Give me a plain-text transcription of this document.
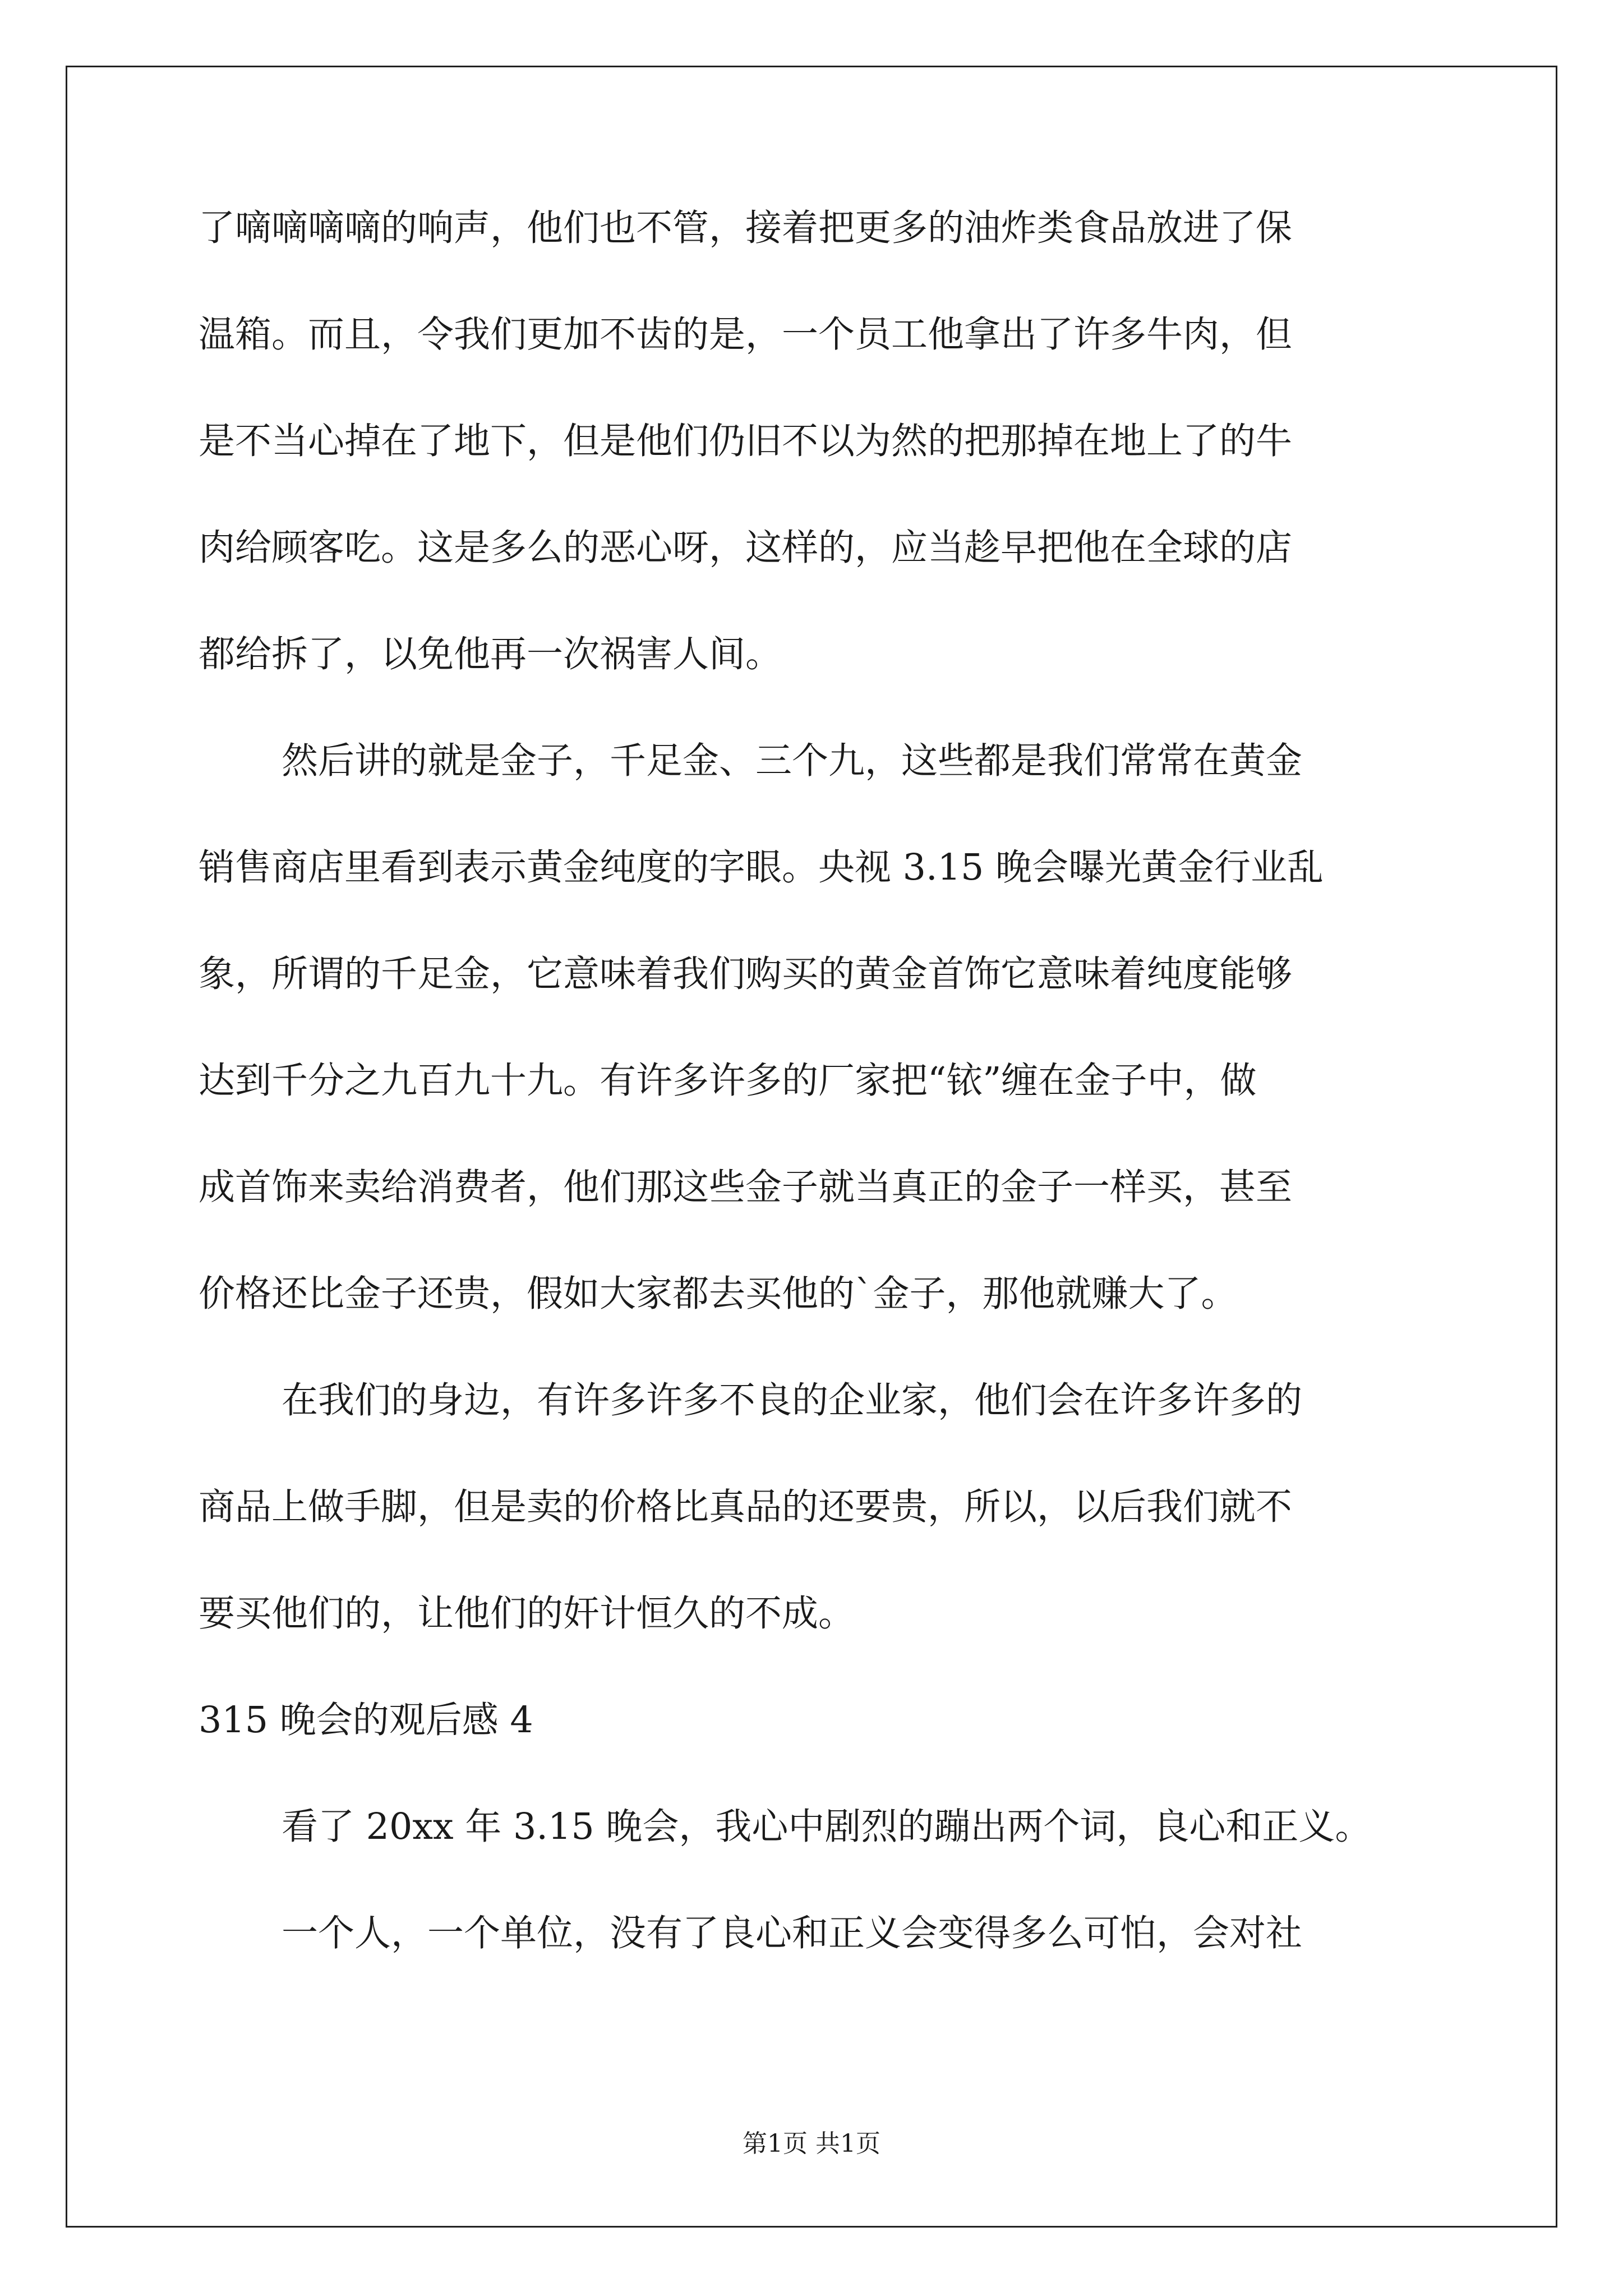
了嘀嘀嘀嘀的响声，他们也不管，接着把更多的油炸类食品放进了保
温箱。而且，令我们更加不齿的是，一个员工他拿出了许多牛肉，但
是不当心掉在了地下，但是他们仍旧不以为然的把那掉在地上了的牛
肉给顾客吃。这是多么的恶心呀，这样的，应当趁早把他在全球的店
都给拆了，以免他再一次祸害人间。
然后讲的就是金子，千足金、三个九，这些都是我们常常在黄金
销售商店里看到表示黄金纯度的字眼。央视 3.15 晚会曝光黄金行业乱
象，所谓的千足金，它意味着我们购买的黄金首饰它意味着纯度能够
达到千分之九百九十九。有许多许多的厂家把“铱”缠在金子中，做
成首饰来卖给消费者，他们那这些金子就当真正的金子一样买，甚至
价格还比金子还贵，假如大家都去买他的`金子，那他就赚大了。
在我们的身边，有许多许多不良的企业家，他们会在许多许多的
商品上做手脚，但是卖的价格比真品的还要贵，所以，以后我们就不
要买他们的，让他们的奸计恒久的不成。
315 晚会的观后感 4
看了 20xx 年 3.15 晚会，我心中剧烈的蹦出两个词，良心和正义。
一个人，一个单位，没有了良心和正义会变得多么可怕，会对社
第1页 共1页
